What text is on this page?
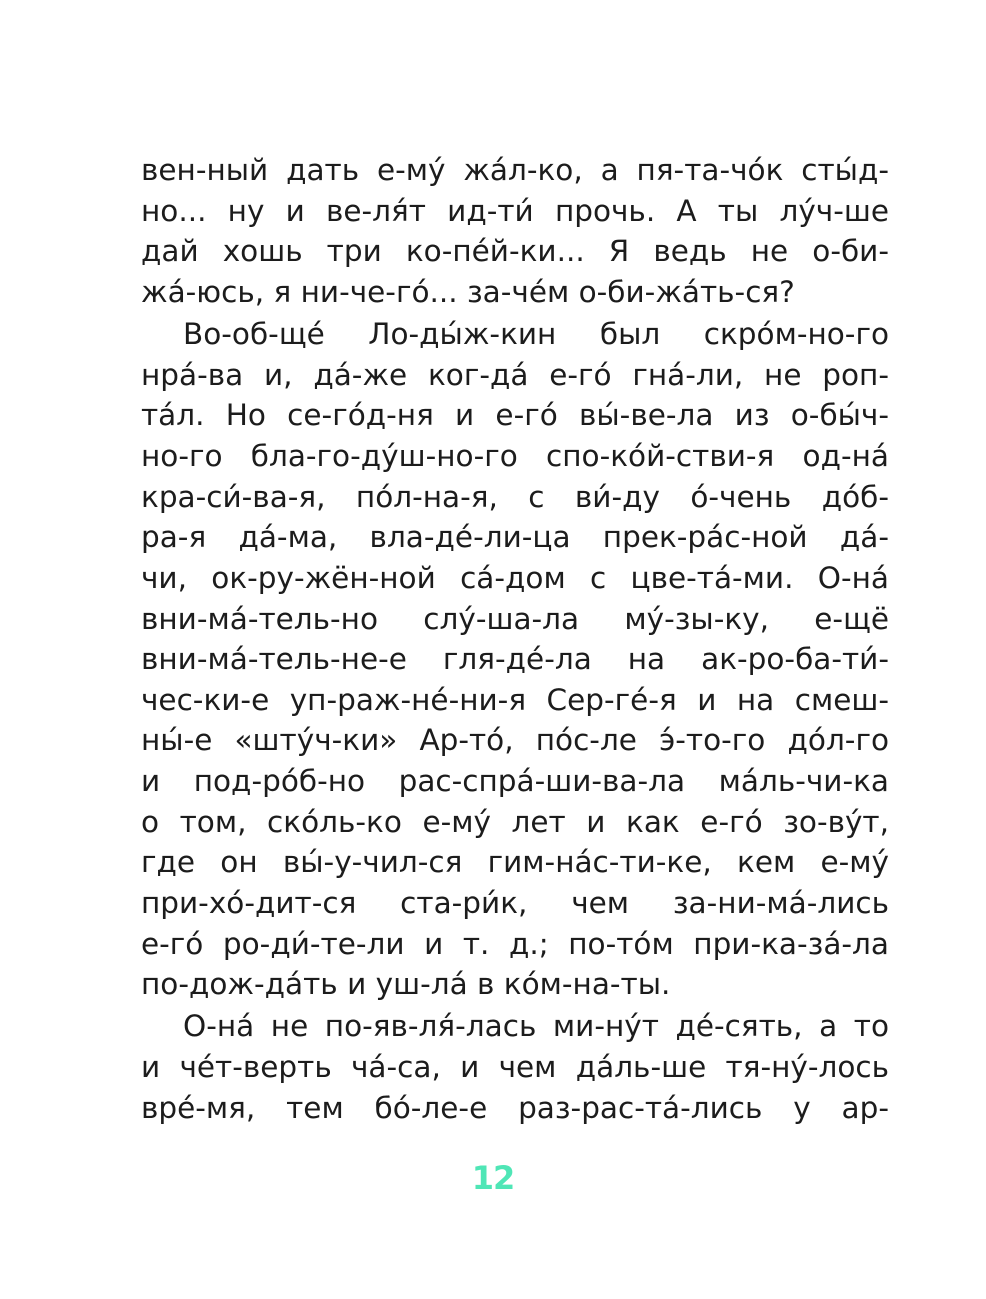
вен-ный дать е-му́ жа́л-ко, а пя-та-чо́к сты́д-
но... ну и ве-ля́т ид-ти́ прочь. А ты лу́ч-ше
дай хошь три ко-пе́й-ки... Я ведь не о-би-
жа́-юсь, я ни-че-го́... за-че́м о-би-жа́ть-ся?
Во-об-ще́ Ло-ды́ж-кин был скро́м-но-го
нра́-ва и, да́-же ког-да́ е-го́ гна́-ли, не роп-
та́л. Но се-го́д-ня и е-го́ вы́-ве-ла из о-бы́ч-
но-го бла-го-ду́ш-но-го спо-ко́й-стви-я од-на́
кра-си́-ва-я, по́л-на-я, с ви́-ду о́-чень до́б-
ра-я да́-ма, вла-де́-ли-ца прек-ра́с-ной да́-
чи, ок-ру-жён-ной са́-дом с цве-та́-ми. О-на́
вни-ма́-тель-но слу́-ша-ла му́-зы-ку, е-щё
вни-ма́-тель-не-е гля-де́-ла на ак-ро-ба-ти́-
чес-ки-е уп-раж-не́-ни-я Сер-ге́-я и на смеш-
ны́-е «шту́ч-ки» Ар-то́, по́с-ле э́-то-го до́л-го
и под-ро́б-но рас-спра́-ши-ва-ла ма́ль-чи-ка
о том, ско́ль-ко е-му́ лет и как е-го́ зо-ву́т,
где он вы́-у-чил-ся гим-на́с-ти-ке, кем е-му́
при-хо́-дит-ся ста-ри́к, чем за-ни-ма́-лись
е-го́ ро-ди́-те-ли и т. д.; по-то́м при-ка-за́-ла
по-дож-да́ть и уш-ла́ в ко́м-на-ты.
О-на́ не по-яв-ля́-лась ми-ну́т де́-сять, а то
и че́т-верть ча́-са, и чем да́ль-ше тя-ну́-лось
вре́-мя, тем бо́-ле-е раз-рас-та́-лись у ар-
12
